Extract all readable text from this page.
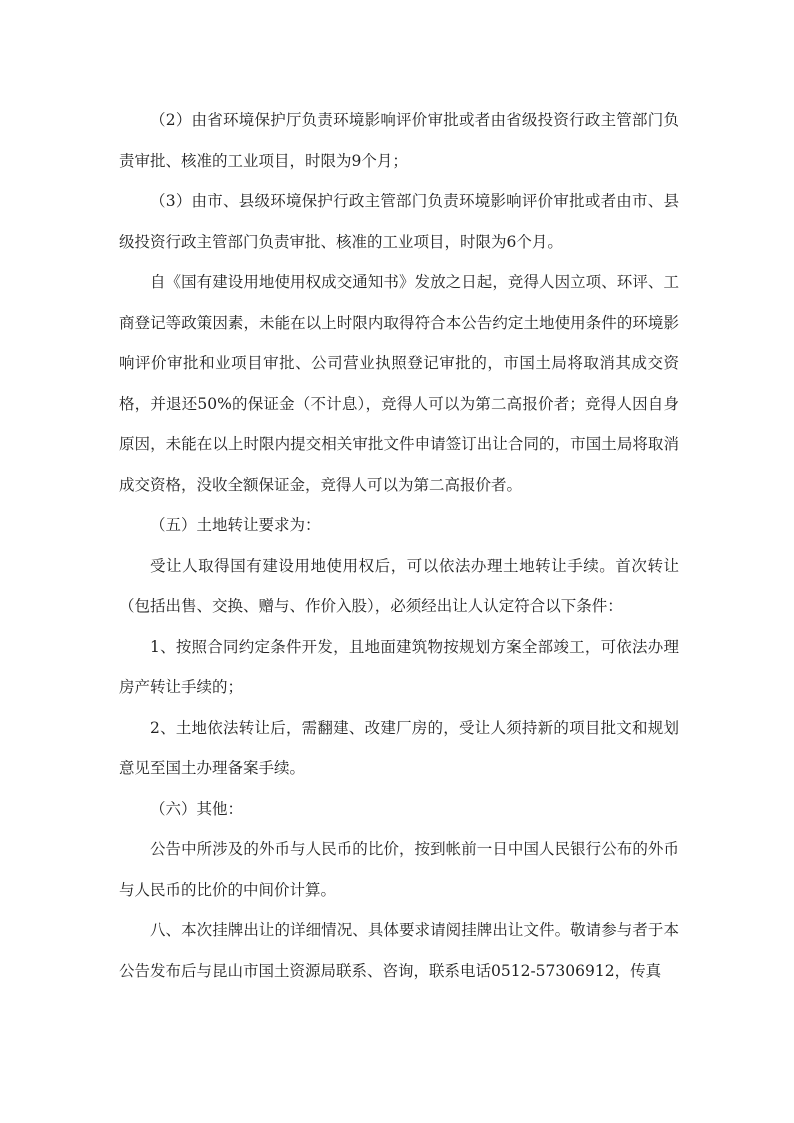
（2）由省环境保护厅负责环境影响评价审批或者由省级投资行政主管部门负责审批、核准的工业项目，时限为9个月；

（3）由市、县级环境保护行政主管部门负责环境影响评价审批或者由市、县级投资行政主管部门负责审批、核准的工业项目，时限为6个月。

自《国有建设用地使用权成交通知书》发放之日起，竞得人因立项、环评、工商登记等政策因素，未能在以上时限内取得符合本公告约定土地使用条件的环境影响评价审批和业项目审批、公司营业执照登记审批的，市国土局将取消其成交资格，并退还50%的保证金（不计息），竞得人可以为第二高报价者；竞得人因自身原因，未能在以上时限内提交相关审批文件申请签订出让合同的，市国土局将取消成交资格，没收全额保证金，竞得人可以为第二高报价者。

（五）土地转让要求为：

受让人取得国有建设用地使用权后，可以依法办理土地转让手续。首次转让（包括出售、交换、赠与、作价入股），必须经出让人认定符合以下条件：

1、按照合同约定条件开发，且地面建筑物按规划方案全部竣工，可依法办理房产转让手续的；

2、土地依法转让后，需翻建、改建厂房的，受让人须持新的项目批文和规划意见至国土办理备案手续。

（六）其他：

公告中所涉及的外币与人民币的比价，按到帐前一日中国人民银行公布的外币与人民币的比价的中间价计算。

八、本次挂牌出让的详细情况、具体要求请阅挂牌出让文件。敬请参与者于本公告发布后与昆山市国土资源局联系、咨询，联系电话0512-57306912，传真
